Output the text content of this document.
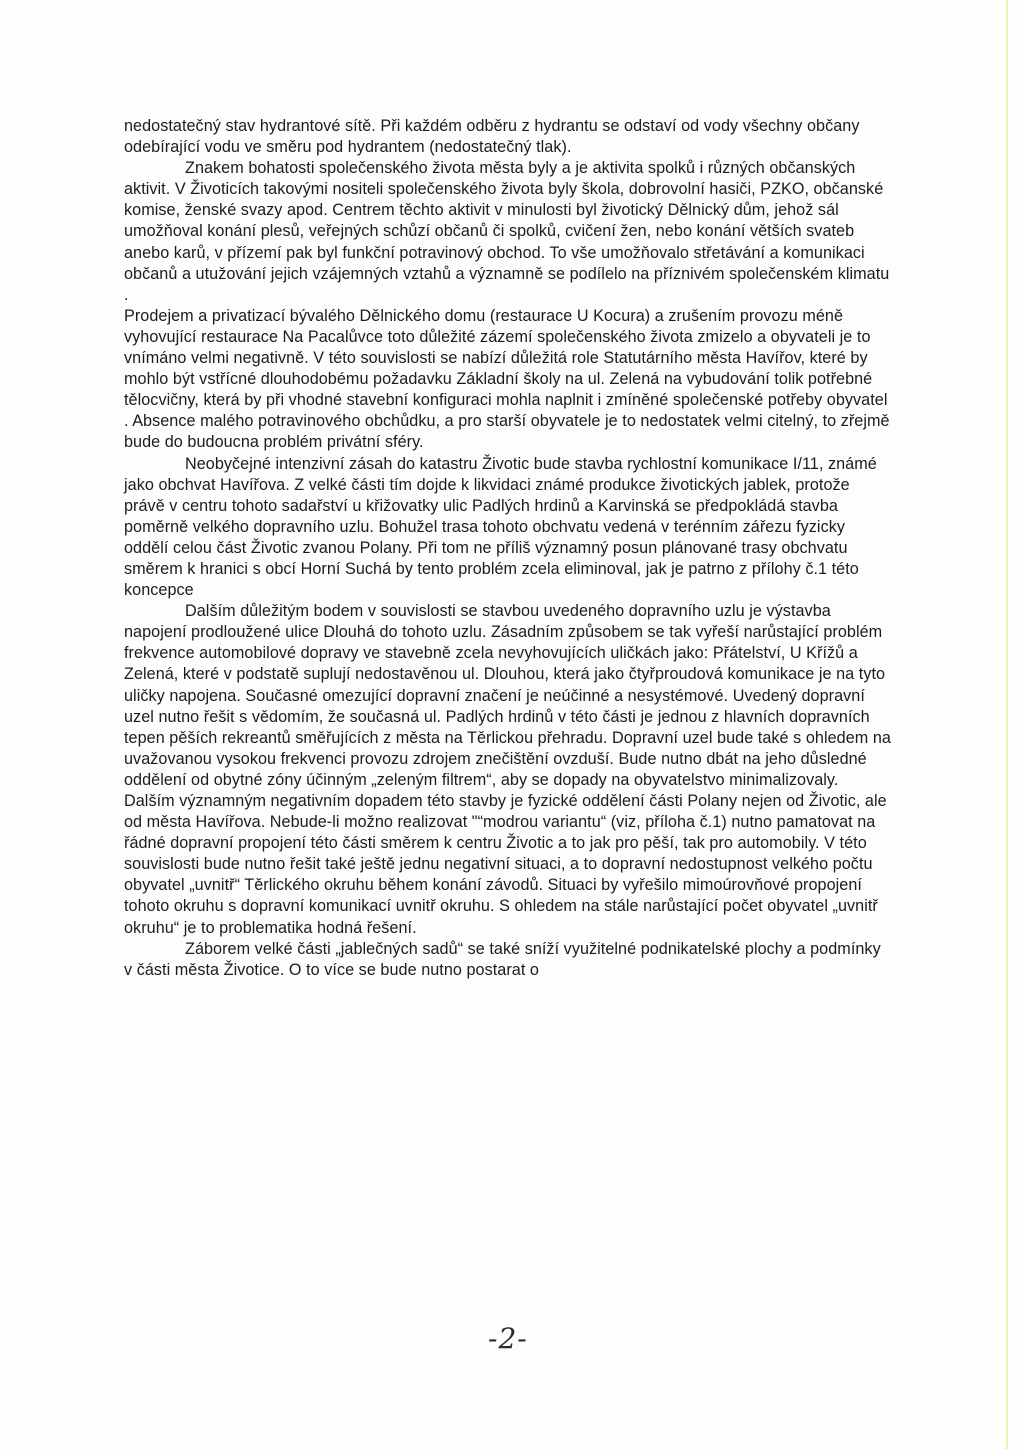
nedostatečný stav hydrantové sítě. Při každém odběru z hydrantu se odstaví od vody všechny občany odebírající vodu ve směru pod hydrantem (nedostatečný tlak).

Znakem bohatosti společenského života města byly a je aktivita spolků i různých občanských aktivit. V Životicích takovými nositeli společenského života byly škola, dobrovolní hasiči, PZKO, občanské komise, ženské svazy apod. Centrem těchto aktivit v minulosti byl životický Dělnický dům, jehož sál umožňoval konání plesů, veřejných schůzí občanů či spolků, cvičení žen, nebo konání větších svateb anebo karů, v přízemí pak byl funkční potravinový obchod. To vše umožňovalo střetávání a komunikaci občanů a utužování jejich vzájemných vztahů a významně se podílelo na příznivém společenském klimatu .

Prodejem a privatizací bývalého Dělnického domu (restaurace U Kocura) a zrušením provozu méně vyhovující restaurace Na Pacalůvce toto důležité zázemí společenského života zmizelo a obyvateli je to vnímáno velmi negativně. V této souvislosti se nabízí důležitá role Statutárního města Havířov, které by mohlo být vstřícné dlouhodobému požadavku Základní školy na ul. Zelená na vybudování tolik potřebné tělocvičny, která by při vhodné stavební konfiguraci mohla naplnit i zmíněné společenské potřeby obyvatel . Absence malého potravinového obchůdku, a pro starší obyvatele je to nedostatek velmi citelný, to zřejmě bude do budoucna problém privátní sféry.

Neobyčejné intenzivní zásah do katastru Životic bude stavba rychlostní komunikace I/11, známé jako obchvat Havířova. Z velké části tím dojde k likvidaci známé produkce životických jablek, protože právě v centru tohoto sadařství u křižovatky ulic Padlých hrdinů a Karvinská se předpokládá stavba poměrně velkého dopravního uzlu. Bohužel trasa tohoto obchvatu vedená v terénním zářezu fyzicky oddělí celou část Životic zvanou Polany. Při tom ne příliš významný posun plánované trasy obchvatu směrem k hranici s obcí Horní Suchá by tento problém zcela eliminoval, jak je patrno z přílohy č.1 této koncepce

Dalším důležitým bodem v souvislosti se stavbou uvedeného dopravního uzlu je výstavba napojení prodloužené ulice Dlouhá do tohoto uzlu. Zásadním způsobem se tak vyřeší narůstající problém frekvence automobilové dopravy ve stavebně zcela nevyhovujících uličkách jako: Přátelství, U Křížů a Zelená, které v podstatě suplují nedostavěnou ul. Dlouhou, která jako čtyřproudová komunikace je na tyto uličky napojena. Současné omezující dopravní značení je neúčinné a nesystémové. Uvedený dopravní uzel nutno řešit s vědomím, že současná ul. Padlých hrdinů v této části je jednou z hlavních dopravních tepen pěších rekreantů směřujících z města na Těrlickou přehradu. Dopravní uzel bude také s ohledem na uvažovanou vysokou frekvenci provozu zdrojem znečištění ovzduší. Bude nutno dbát na jeho důsledné oddělení od obytné zóny účinným „zeleným filtrem“, aby se dopady na obyvatelstvo minimalizovaly. Dalším významným negativním dopadem této stavby je fyzické oddělení části Polany nejen od Životic, ale od města Havířova. Nebude-li možno realizovat "“modrou variantu“ (viz, příloha č.1) nutno pamatovat na řádné dopravní propojení této části směrem k centru Životic a to jak pro pěší, tak pro automobily. V této souvislosti bude nutno řešit také ještě jednu negativní situaci, a to dopravní nedostupnost velkého počtu obyvatel „uvnitř“ Těrlického okruhu během konání závodů. Situaci by vyřešilo mimoúrovňové propojení tohoto okruhu s dopravní komunikací uvnitř okruhu. S ohledem na stále narůstající počet obyvatel „uvnitř okruhu“ je to problematika hodná řešení.

Záborem velké části „jablečných sadů“ se také sníží využitelné podnikatelské plochy a podmínky v části města Životice. O to více se bude nutno postarat o

-2-
